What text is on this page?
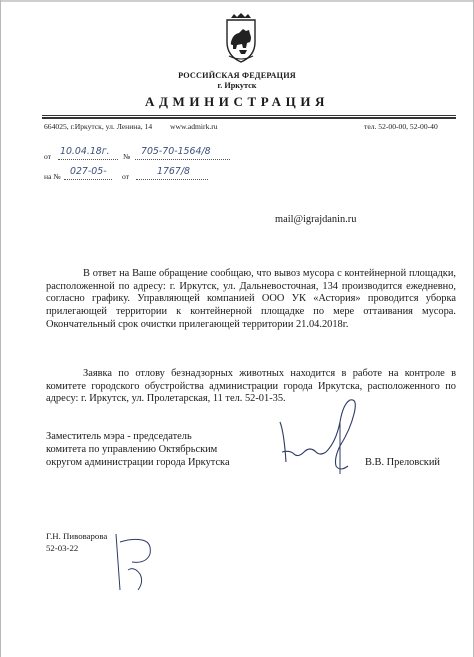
РОССИЙСКАЯ ФЕДЕРАЦИЯ
г. Иркутск
АДМИНИСТРАЦИЯ
664025, г.Иркутск, ул. Ленина, 14 www.admirk.ru	тел. 52-00-00, 52-00-40
от 10.04.18г. № 705-70-1564/8
на № 027-05- от	1767/8
mail@igrajdanin.ru
В ответ на Ваше обращение сообщаю, что вывоз мусора с контейнерной площадки, расположенной по адресу: г. Иркутск, ул. Дальневосточная, 134 производится ежедневно, согласно графику. Управляющей компанией ООО УК «Астория» проводится уборка прилегающей территории к контейнерной площадке по мере оттаивания мусора. Окончательный срок очистки прилегающей территории 21.04.2018г.
Заявка по отлову безнадзорных животных находится в работе на контроле в комитете городского обустройства администрации города Иркутска, расположенного по адресу: г. Иркутск, ул. Пролетарская, 11 тел. 52-01-35.
Заместитель мэра - председатель
комитета по управлению Октябрьским
округом администрации города Иркутска	В.В. Преловский
Г.Н. Пивоварова
52-03-22
